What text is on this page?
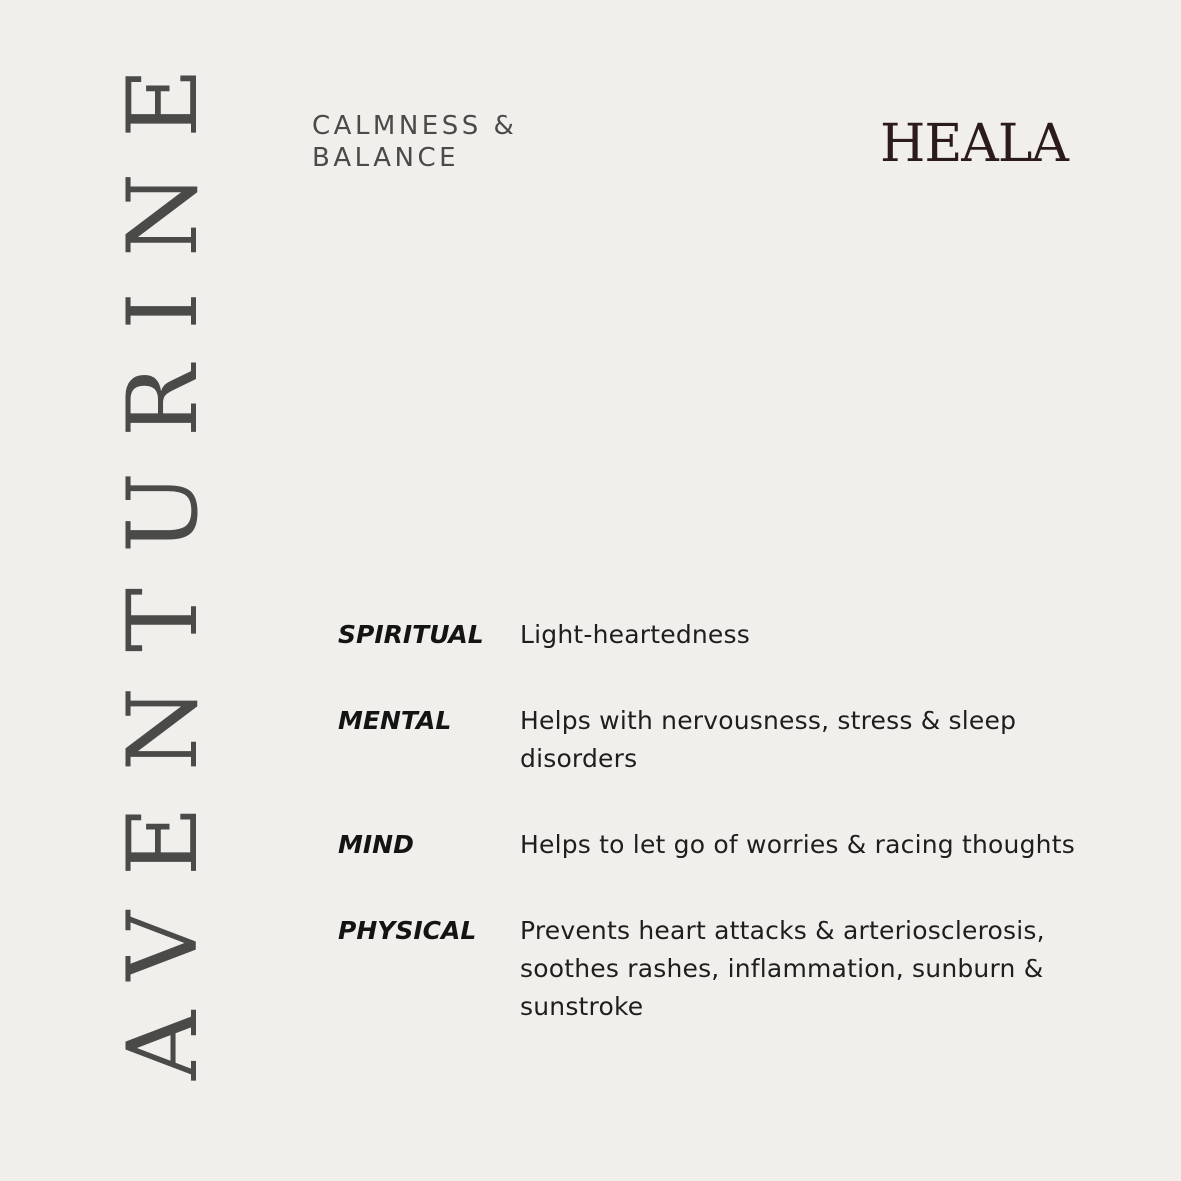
AVENTURINE	CALMNESS &
BALANCE	HEALA
SPIRITUAL	Light-heartedness
MENTAL	Helps with nervousness, stress & sleep disorders
MIND	Helps to let go of worries & racing thoughts
PHYSICAL	Prevents heart attacks & arteriosclerosis, soothes rashes, inflammation, sunburn & sunstroke
